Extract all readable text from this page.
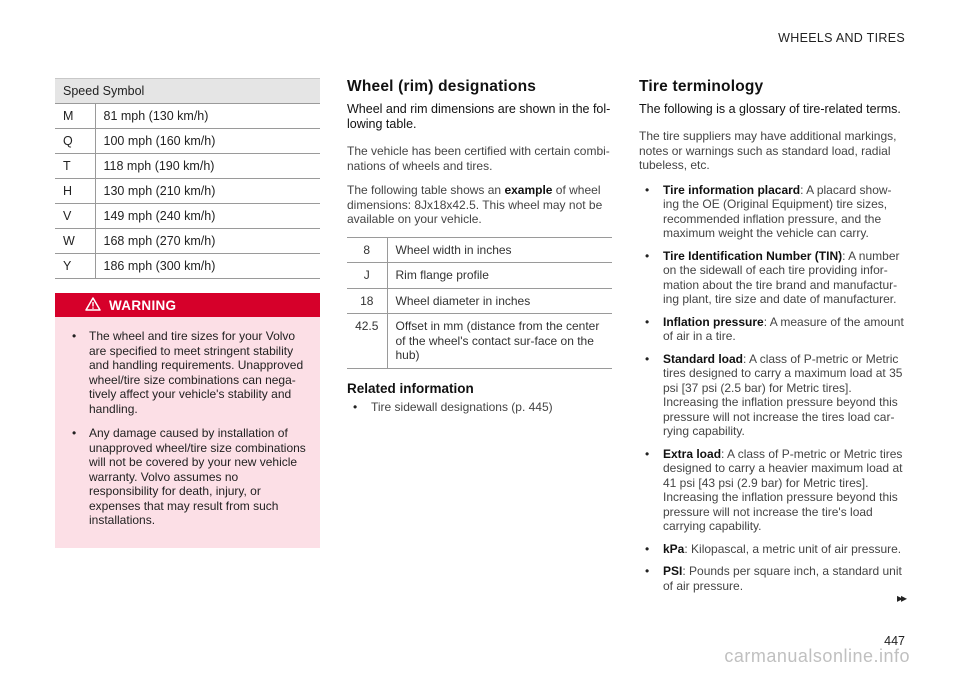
WHEELS AND TIRES
Speed Symbol	
M	81 mph (130 km/h)
Q	100 mph (160 km/h)
T	118 mph (190 km/h)
H	130 mph (210 km/h)
V	149 mph (240 km/h)
W	168 mph (270 km/h)
Y	186 mph (300 km/h)
WARNING
• The wheel and tire sizes for your Volvo are specified to meet stringent stability and handling requirements. Unapproved wheel/tire size combinations can nega-tively affect your vehicle's stability and handling.
• Any damage caused by installation of unapproved wheel/tire size combinations will not be covered by your new vehicle warranty. Volvo assumes no responsibility for death, injury, or expenses that may result from such installations.
Wheel (rim) designations
Wheel and rim dimensions are shown in the fol-lowing table.

The vehicle has been certified with certain combi-nations of wheels and tires.

The following table shows an example of wheel dimensions: 8Jx18x42.5. This wheel may not be available on your vehicle.

8	Wheel width in inches
J	Rim flange profile
18	Wheel diameter in inches
42.5	Offset in mm (distance from the center of the wheel's contact sur-face on the hub)
Related information
• Tire sidewall designations (p. 445)
Tire terminology
The following is a glossary of tire-related terms.

The tire suppliers may have additional markings, notes or warnings such as standard load, radial tubeless, etc.

• Tire information placard: A placard show-ing the OE (Original Equipment) tire sizes, recommended inflation pressure, and the maximum weight the vehicle can carry.
• Tire Identification Number (TIN): A number on the sidewall of each tire providing infor-mation about the tire brand and manufactur-ing plant, tire size and date of manufacturer.
• Inflation pressure: A measure of the amount of air in a tire.
• Standard load: A class of P-metric or Metric tires designed to carry a maximum load at 35 psi [37 psi (2.5 bar) for Metric tires]. Increasing the inflation pressure beyond this pressure will not increase the tires load car-rying capability.
• Extra load: A class of P-metric or Metric tires designed to carry a heavier maximum load at 41 psi [43 psi (2.9 bar) for Metric tires]. Increasing the inflation pressure beyond this pressure will not increase the tire's load carrying capability.
• kPa: Kilopascal, a metric unit of air pressure.
• PSI: Pounds per square inch, a standard unit of air pressure.
▸▸
447
carmanualsonline.info
